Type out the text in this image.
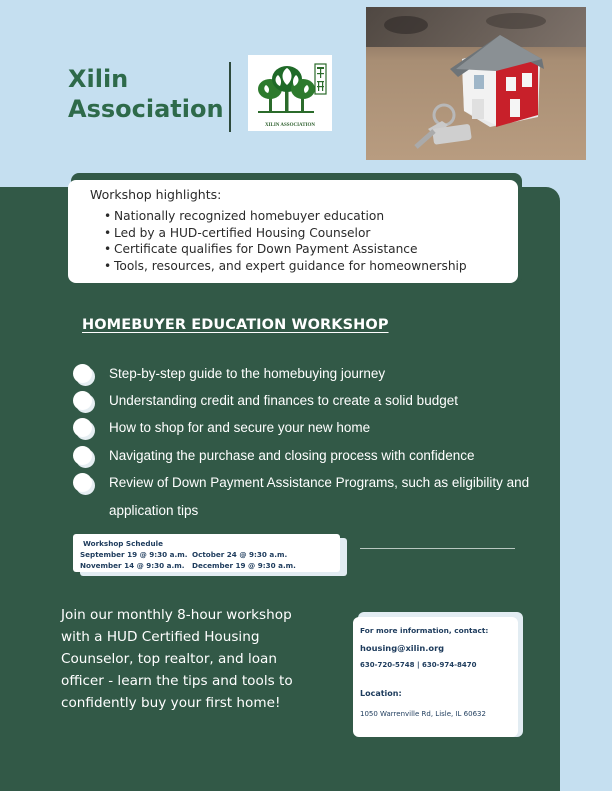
Xilin
Association
XILIN ASSOCIATION
Workshop highlights:
• Nationally recognized homebuyer education
• Led by a HUD-certified Housing Counselor
• Certificate qualifies for Down Payment Assistance
• Tools, resources, and expert guidance for homeownership
HOMEBUYER EDUCATION WORKSHOP
Step-by-step guide to the homebuying journey
Understanding credit and finances to create a solid budget
How to shop for and secure your new home
Navigating the purchase and closing process with confidence
Review of Down Payment Assistance Programs, such as eligibility and application tips
Workshop Schedule
September 19 @ 9:30 a.m. October 24 @ 9:30 a.m.
November 14 @ 9:30 a.m. December 19 @ 9:30 a.m.
Join our monthly 8-hour workshop with a HUD Certified Housing Counselor, top realtor, and loan officer - learn the tips and tools to confidently buy your first home!
For more information, contact:
housing@xilin.org
630-720-5748 | 630-974-8470
Location:
1050 Warrenville Rd, Lisle, IL 60632
